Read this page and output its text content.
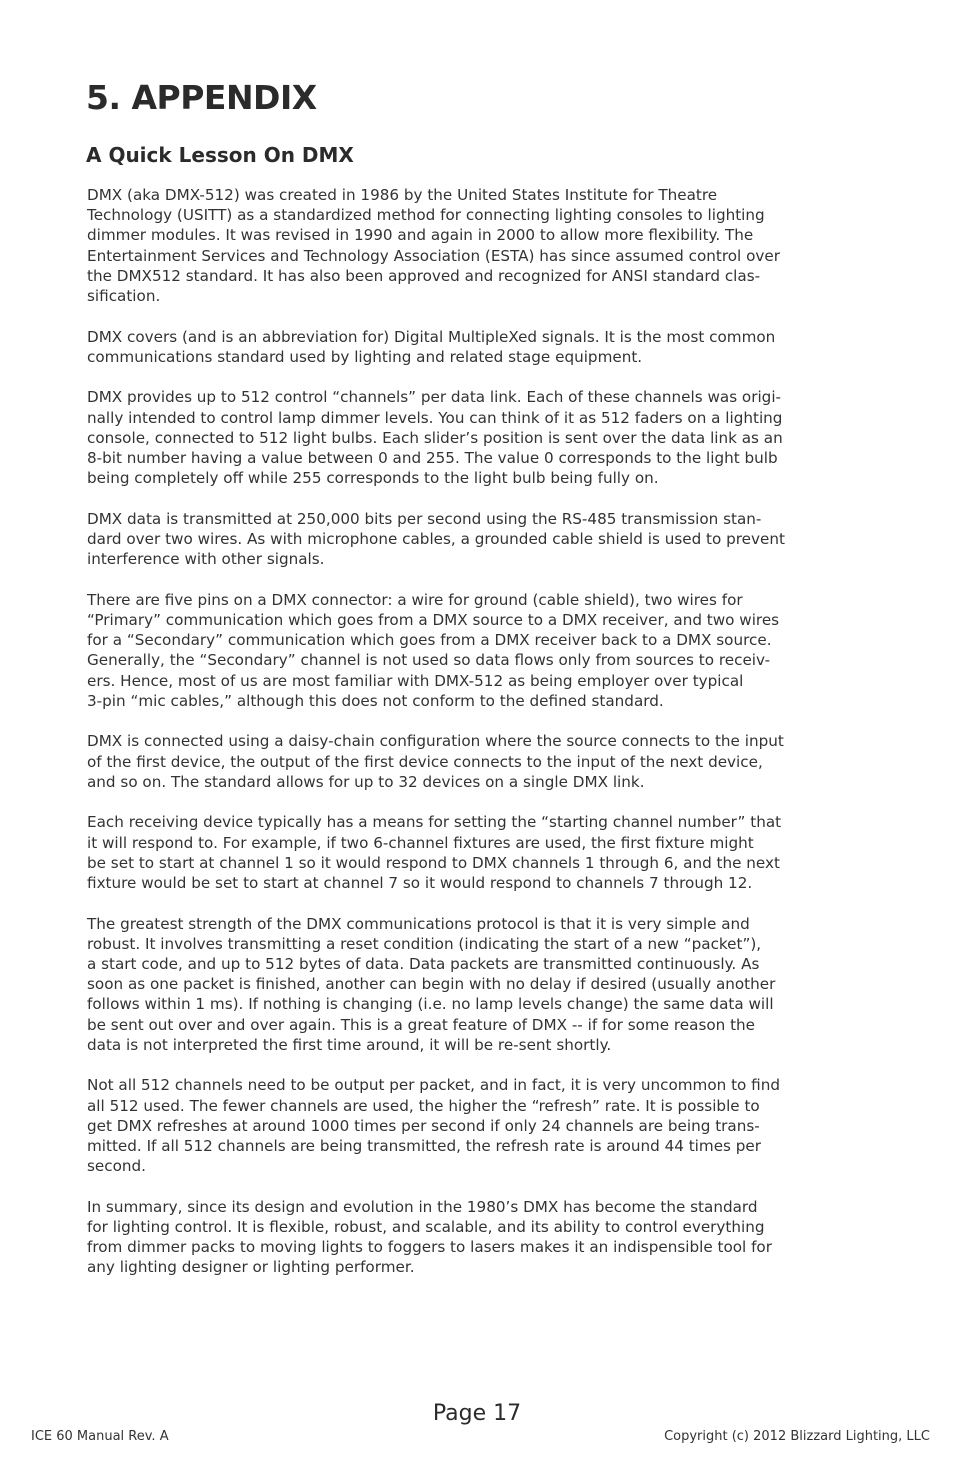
5. APPENDIX
A Quick Lesson On DMX

DMX (aka DMX-512) was created in 1986 by the United States Institute for Theatre
Technology (USITT) as a standardized method for connecting lighting consoles to lighting
dimmer modules. It was revised in 1990 and again in 2000 to allow more flexibility. The
Entertainment Services and Technology Association (ESTA) has since assumed control over
the DMX512 standard. It has also been approved and recognized for ANSI standard clas-
sification.

DMX covers (and is an abbreviation for) Digital MultipleXed signals. It is the most common
communications standard used by lighting and related stage equipment.

DMX provides up to 512 control “channels” per data link. Each of these channels was origi-
nally intended to control lamp dimmer levels. You can think of it as 512 faders on a lighting
console, connected to 512 light bulbs. Each slider’s position is sent over the data link as an
8-bit number having a value between 0 and 255. The value 0 corresponds to the light bulb
being completely off while 255 corresponds to the light bulb being fully on.

DMX data is transmitted at 250,000 bits per second using the RS-485 transmission stan-
dard over two wires. As with microphone cables, a grounded cable shield is used to prevent
interference with other signals.

There are five pins on a DMX connector: a wire for ground (cable shield), two wires for
“Primary” communication which goes from a DMX source to a DMX receiver, and two wires
for a “Secondary” communication which goes from a DMX receiver back to a DMX source.
Generally, the “Secondary” channel is not used so data flows only from sources to receiv-
ers. Hence, most of us are most familiar with DMX-512 as being employer over typical
3-pin “mic cables,” although this does not conform to the defined standard.

DMX is connected using a daisy-chain configuration where the source connects to the input
of the first device, the output of the first device connects to the input of the next device,
and so on. The standard allows for up to 32 devices on a single DMX link.

Each receiving device typically has a means for setting the “starting channel number” that
it will respond to. For example, if two 6-channel fixtures are used, the first fixture might
be set to start at channel 1 so it would respond to DMX channels 1 through 6, and the next
fixture would be set to start at channel 7 so it would respond to channels 7 through 12.

The greatest strength of the DMX communications protocol is that it is very simple and
robust. It involves transmitting a reset condition (indicating the start of a new “packet”),
a start code, and up to 512 bytes of data. Data packets are transmitted continuously. As
soon as one packet is finished, another can begin with no delay if desired (usually another
follows within 1 ms). If nothing is changing (i.e. no lamp levels change) the same data will
be sent out over and over again. This is a great feature of DMX -- if for some reason the
data is not interpreted the first time around, it will be re-sent shortly.

Not all 512 channels need to be output per packet, and in fact, it is very uncommon to find
all 512 used. The fewer channels are used, the higher the “refresh” rate. It is possible to
get DMX refreshes at around 1000 times per second if only 24 channels are being trans-
mitted. If all 512 channels are being transmitted, the refresh rate is around 44 times per
second.

In summary, since its design and evolution in the 1980’s DMX has become the standard
for lighting control. It is flexible, robust, and scalable, and its ability to control everything
from dimmer packs to moving lights to foggers to lasers makes it an indispensible tool for
any lighting designer or lighting performer.

Page 17
ICE 60 Manual Rev. A	Copyright (c) 2012 Blizzard Lighting, LLC
